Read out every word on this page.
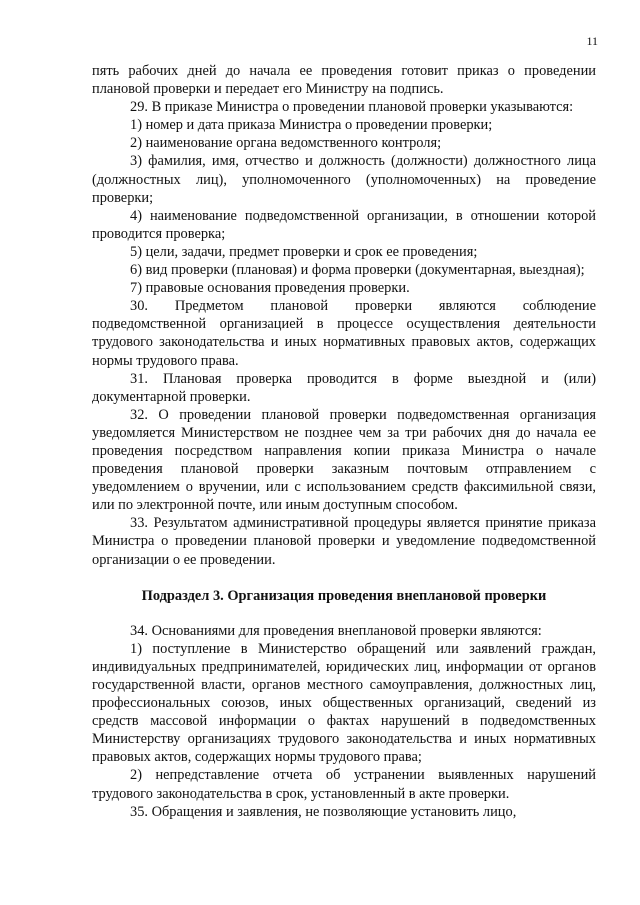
11

пять рабочих дней до начала ее проведения готовит приказ о проведении плановой проверки и передает его Министру на подпись.

29. В приказе Министра о проведении плановой проверки указываются:

1) номер и дата приказа Министра о проведении проверки;

2) наименование органа ведомственного контроля;

3) фамилия, имя, отчество и должность (должности) должностного лица (должностных лиц), уполномоченного (уполномоченных) на проведение проверки;

4) наименование подведомственной организации, в отношении которой проводится проверка;

5) цели, задачи, предмет проверки и срок ее проведения;

6) вид проверки (плановая) и форма проверки (документарная, выездная);

7) правовые основания проведения проверки.

30. Предметом плановой проверки являются соблюдение подведомственной организацией в процессе осуществления деятельности трудового законодательства и иных нормативных правовых актов, содержащих нормы трудового права.

31. Плановая проверка проводится в форме выездной и (или) документарной проверки.

32. О проведении плановой проверки подведомственная организация уведомляется Министерством не позднее чем за три рабочих дня до начала ее проведения посредством направления копии приказа Министра о начале проведения плановой проверки заказным почтовым отправлением с уведомлением о вручении, или с использованием средств факсимильной связи, или по электронной почте, или иным доступным способом.

33. Результатом административной процедуры является принятие приказа Министра о проведении плановой проверки и уведомление подведомственной организации о ее проведении.

Подраздел 3. Организация проведения внеплановой проверки

34. Основаниями для проведения внеплановой проверки являются:

1) поступление в Министерство обращений или заявлений граждан, индивидуальных предпринимателей, юридических лиц, информации от органов государственной власти, органов местного самоуправления, должностных лиц, профессиональных союзов, иных общественных организаций, сведений из средств массовой информации о фактах нарушений в подведомственных Министерству организациях трудового законодательства и иных нормативных правовых актов, содержащих нормы трудового права;

2) непредставление отчета об устранении выявленных нарушений трудового законодательства в срок, установленный в акте проверки.

35. Обращения и заявления, не позволяющие установить лицо,
